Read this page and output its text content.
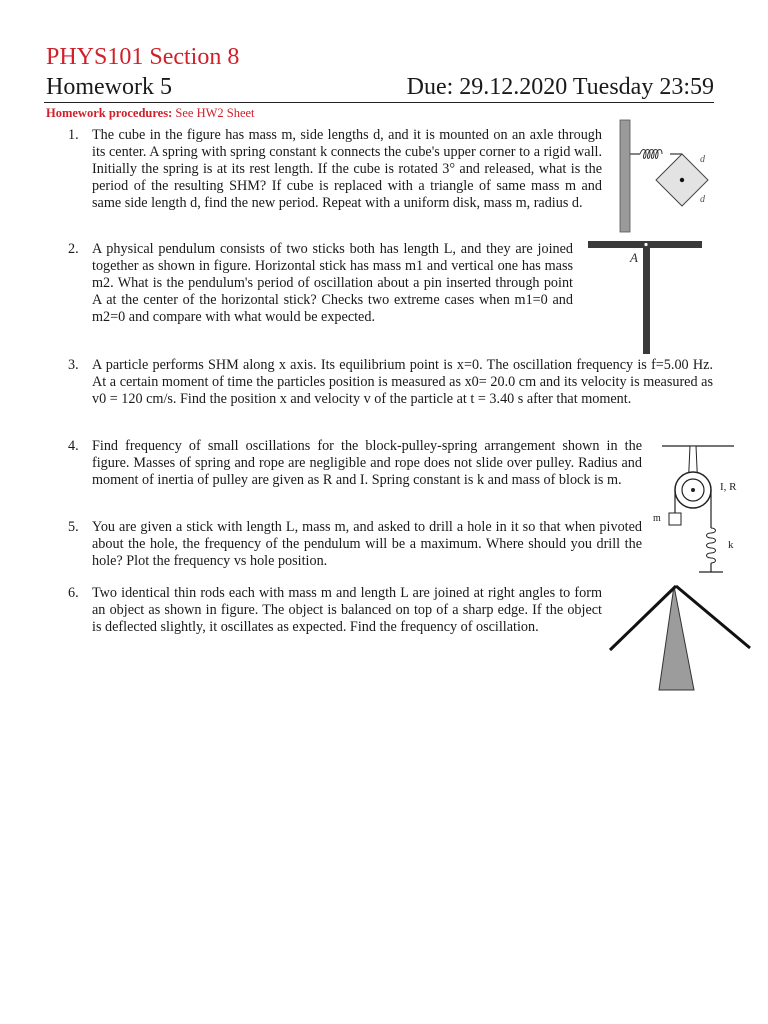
PHYS101 Section 8
Homework 5	Due: 29.12.2020 Tuesday 23:59
Homework procedures: See HW2 Sheet
1. The cube in the figure has mass m, side lengths d, and it is mounted on an axle through its center. A spring with spring constant k connects the cube's upper corner to a rigid wall. Initially the spring is at its rest length. If the cube is rotated 3° and released, what is the period of the resulting SHM? If cube is replaced with a triangle of same mass m and same side length d, find the new period. Repeat with a uniform disk, mass m, radius d.
2. A physical pendulum consists of two sticks both has length L, and they are joined together as shown in figure. Horizontal stick has mass m1 and vertical one has mass m2. What is the pendulum's period of oscillation about a pin inserted through point A at the center of the horizontal stick? Checks two extreme cases when m1=0 and m2=0 and compare with what would be expected.
3. A particle performs SHM along x axis. Its equilibrium point is x=0. The oscillation frequency is f=5.00 Hz. At a certain moment of time the particles position is measured as x0= 20.0 cm and its velocity is measured as v0 = 120 cm/s. Find the position x and velocity v of the particle at t = 3.40 s after that moment.
4. Find frequency of small oscillations for the block-pulley-spring arrangement shown in the figure. Masses of spring and rope are negligible and rope does not slide over pulley. Radius and moment of inertia of pulley are given as R and I. Spring constant is k and mass of block is m.
5. You are given a stick with length L, mass m, and asked to drill a hole in it so that when pivoted about the hole, the frequency of the pendulum will be a maximum. Where should you drill the hole? Plot the frequency vs hole position.
6. Two identical thin rods each with mass m and length L are joined at right angles to form an object as shown in figure. The object is balanced on top of a sharp edge. If the object is deflected slightly, it oscillates as expected. Find the frequency of oscillation.
d
d
A
m
I, R
k
